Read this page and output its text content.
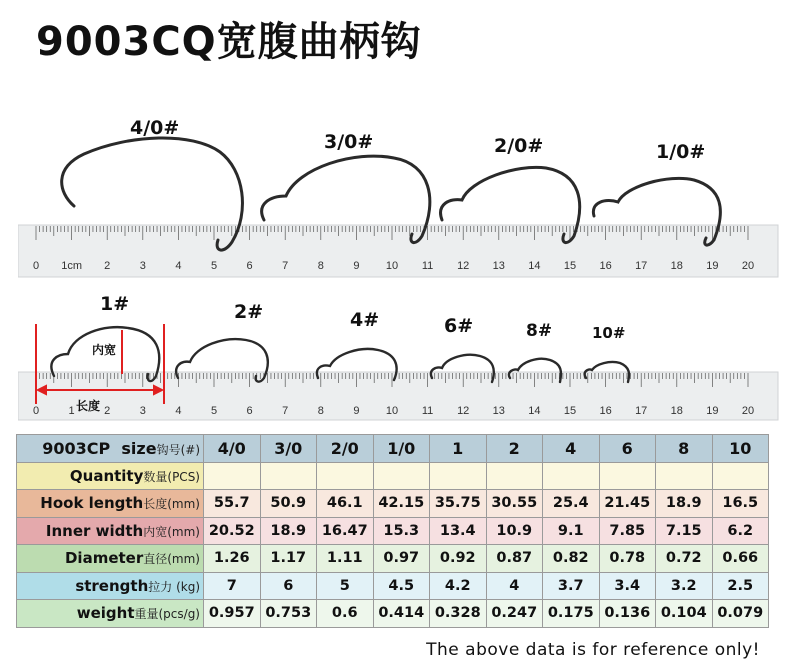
9003CQ宽腹曲柄钩
0 1cm 2	3	4	5	6	7	8	9 10 11 12 13 14 15 16 17 18 19 20
0	1	2	3	4	5	6	7	8	9 10 11 12 13 14 15 16 17 18 19 20
4/0#
3/0#	2/0#	1/0#
1#	2#	4#	6#	8#	10#
内宽
长度
9003CP size钩号(#)	4/0	3/0	2/0	1/0	1	2	4	6	8	10
Quantity数量(PCS)										
Hook length长度(mm)	55.7	50.9	46.1	42.15	35.75	30.55	25.4	21.45	18.9	16.5
Inner width内宽(mm)	20.52	18.9	16.47	15.3	13.4	10.9	9.1	7.85	7.15	6.2
Diameter直径(mm)	1.26	1.17	1.11	0.97	0.92	0.87	0.82	0.78	0.72	0.66
strength拉力 (kg)	7	6	5	4.5	4.2	4	3.7	3.4	3.2	2.5
weight重量(pcs/g)	0.957	0.753	0.6	0.414	0.328	0.247	0.175	0.136	0.104	0.079
The above data is for reference only!
